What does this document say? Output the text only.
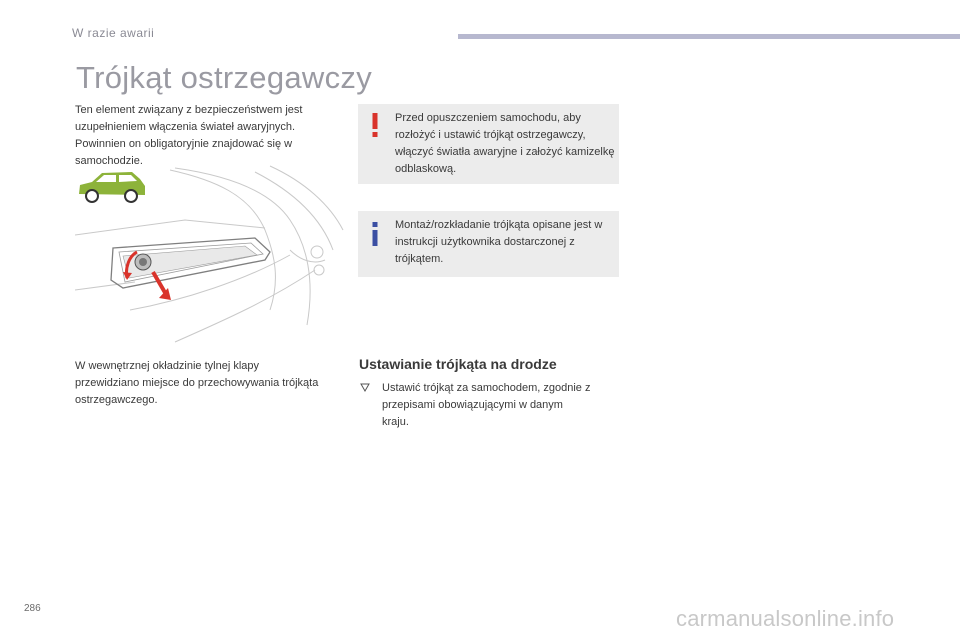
W razie awarii
Trójkąt ostrzegawczy

Ten element związany z bezpieczeństwem jest uzupełnieniem włączenia świateł awaryjnych. Powinnien on obligatoryjnie znajdować się w samochodzie.

W wewnętrznej okładzinie tylnej klapy przewidziano miejsce do przechowywania trójkąta ostrzegawczego.

Przed opuszczeniem samochodu, aby rozłożyć i ustawić trójkąt ostrzegawczy, włączyć światła awaryjne i założyć kamizelkę odblaskową.

Montaż/rozkładanie trójkąta opisane jest w instrukcji użytkownika dostarczonej z trójkątem.

Ustawianie trójkąta na drodze

Ustawić trójkąt za samochodem, zgodnie z przepisami obowiązującymi w danym kraju.

286	carmanualsonline.info
